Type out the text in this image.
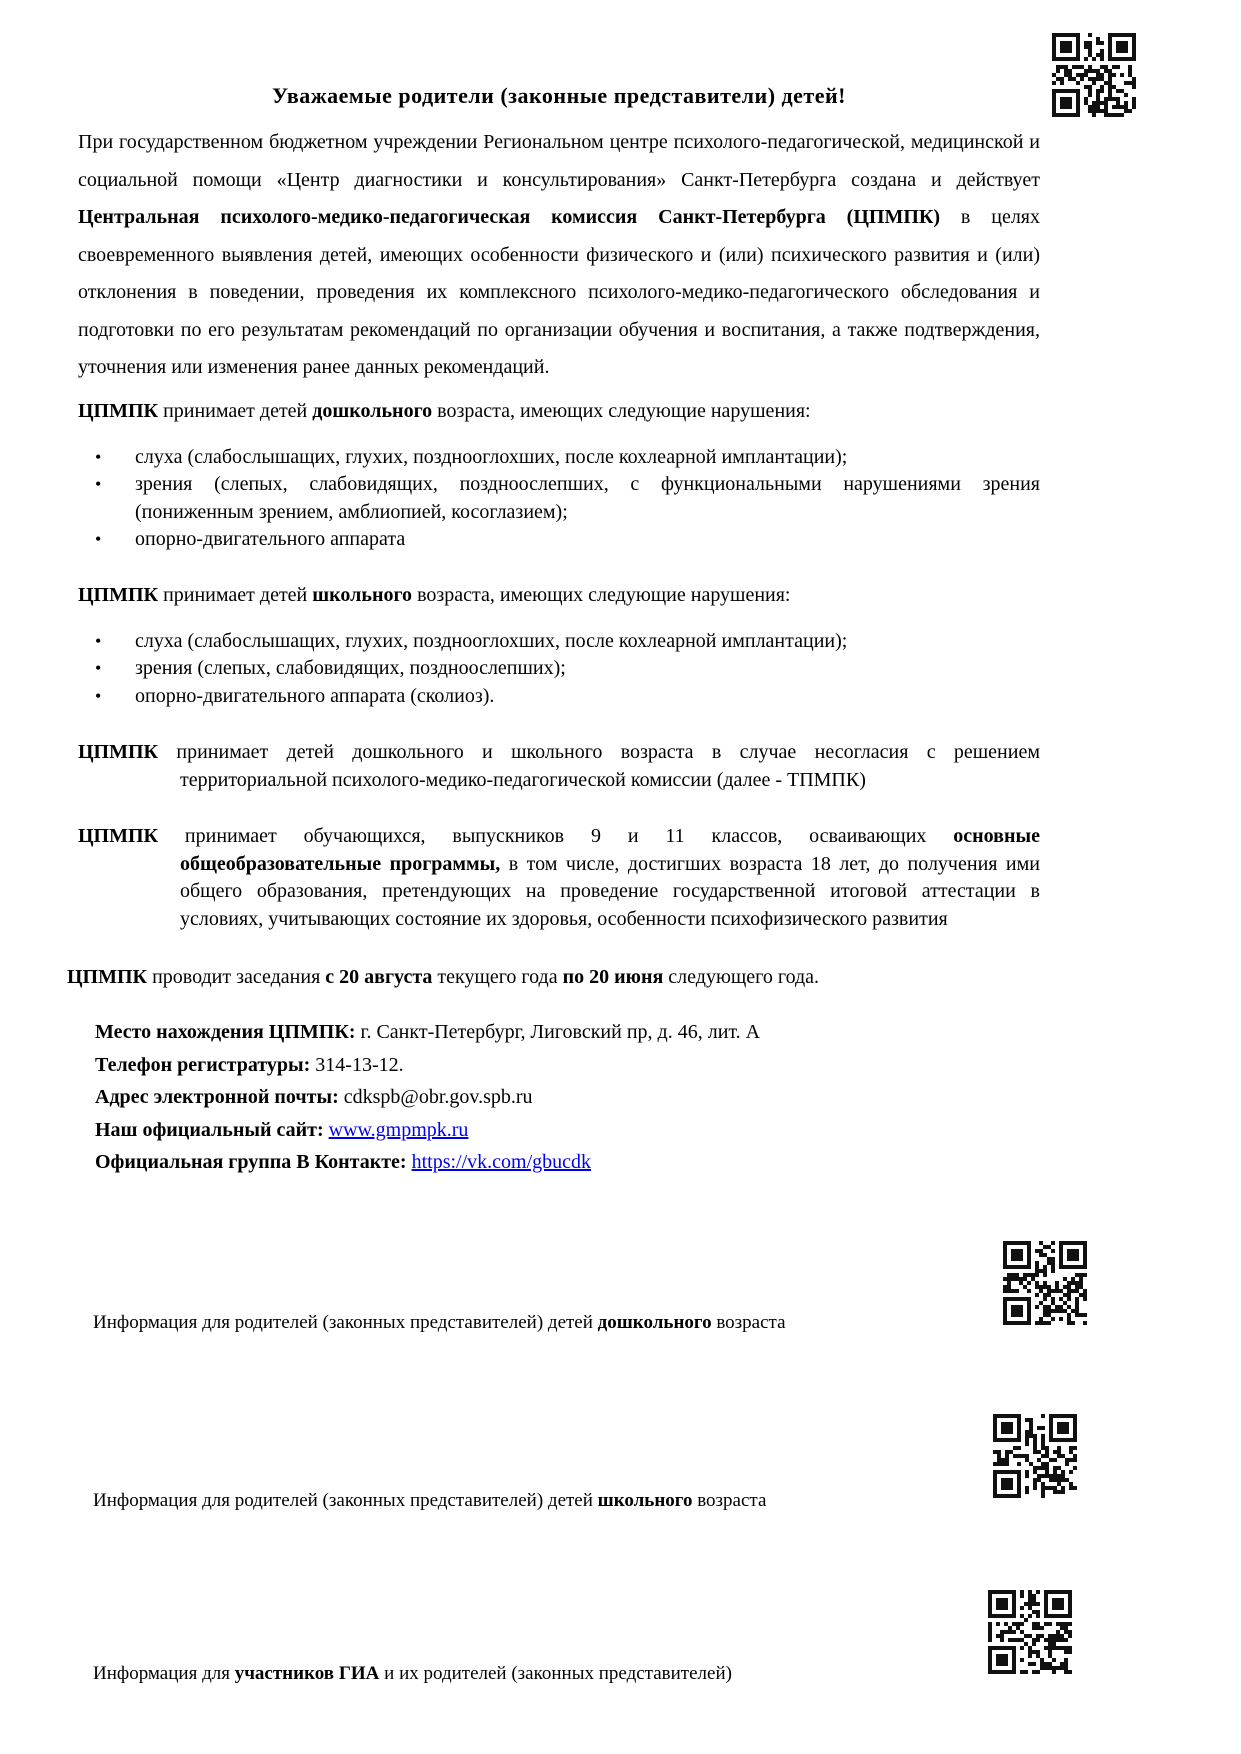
Уважаемые родители (законные представители) детей!

При государственном бюджетном учреждении Региональном центре психолого-педагогической, медицинской и социальной помощи «Центр диагностики и консультирования» Санкт-Петербурга создана и действует Центральная психолого-медико-педагогическая комиссия Санкт-Петербурга (ЦПМПК) в целях своевременного выявления детей, имеющих особенности физического и (или) психического развития и (или) отклонения в поведении, проведения их комплексного психолого-медико-педагогического обследования и подготовки по его результатам рекомендаций по организации обучения и воспитания, а также подтверждения, уточнения или изменения ранее данных рекомендаций.

ЦПМПК принимает детей дошкольного возраста, имеющих следующие нарушения:

• слуха (слабослышащих, глухих, позднооглохших, после кохлеарной имплантации);
• зрения (слепых, слабовидящих, поздноослепших, с функциональными нарушениями зрения (пониженным зрением, амблиопией, косоглазием);
• опорно-двигательного аппарата

ЦПМПК принимает детей школьного возраста, имеющих следующие нарушения:

• слуха (слабослышащих, глухих, позднооглохших, после кохлеарной имплантации);
• зрения (слепых, слабовидящих, поздноослепших);
• опорно-двигательного аппарата (сколиоз).

ЦПМПК принимает детей дошкольного и школьного возраста в случае несогласия с решением территориальной психолого-медико-педагогической комиссии (далее - ТПМПК)

ЦПМПК принимает обучающихся, выпускников 9 и 11 классов, осваивающих основные общеобразовательные программы, в том числе, достигших возраста 18 лет, до получения ими общего образования, претендующих на проведение государственной итоговой аттестации в условиях, учитывающих состояние их здоровья, особенности психофизического развития

ЦПМПК проводит заседания с 20 августа текущего года по 20 июня следующего года.

Место нахождения ЦПМПК: г. Санкт-Петербург, Лиговский пр, д. 46, лит. А
Телефон регистратуры: 314-13-12.
Адрес электронной почты: cdkspb@obr.gov.spb.ru
Наш официальный сайт: www.gmpmpk.ru
Официальная группа В Контакте: https://vk.com/gbucdk
Информация для родителей (законных представителей) детей дошкольного возраста
Информация для родителей (законных представителей) детей школьного возраста
Информация для участников ГИА и их родителей (законных представителей)
